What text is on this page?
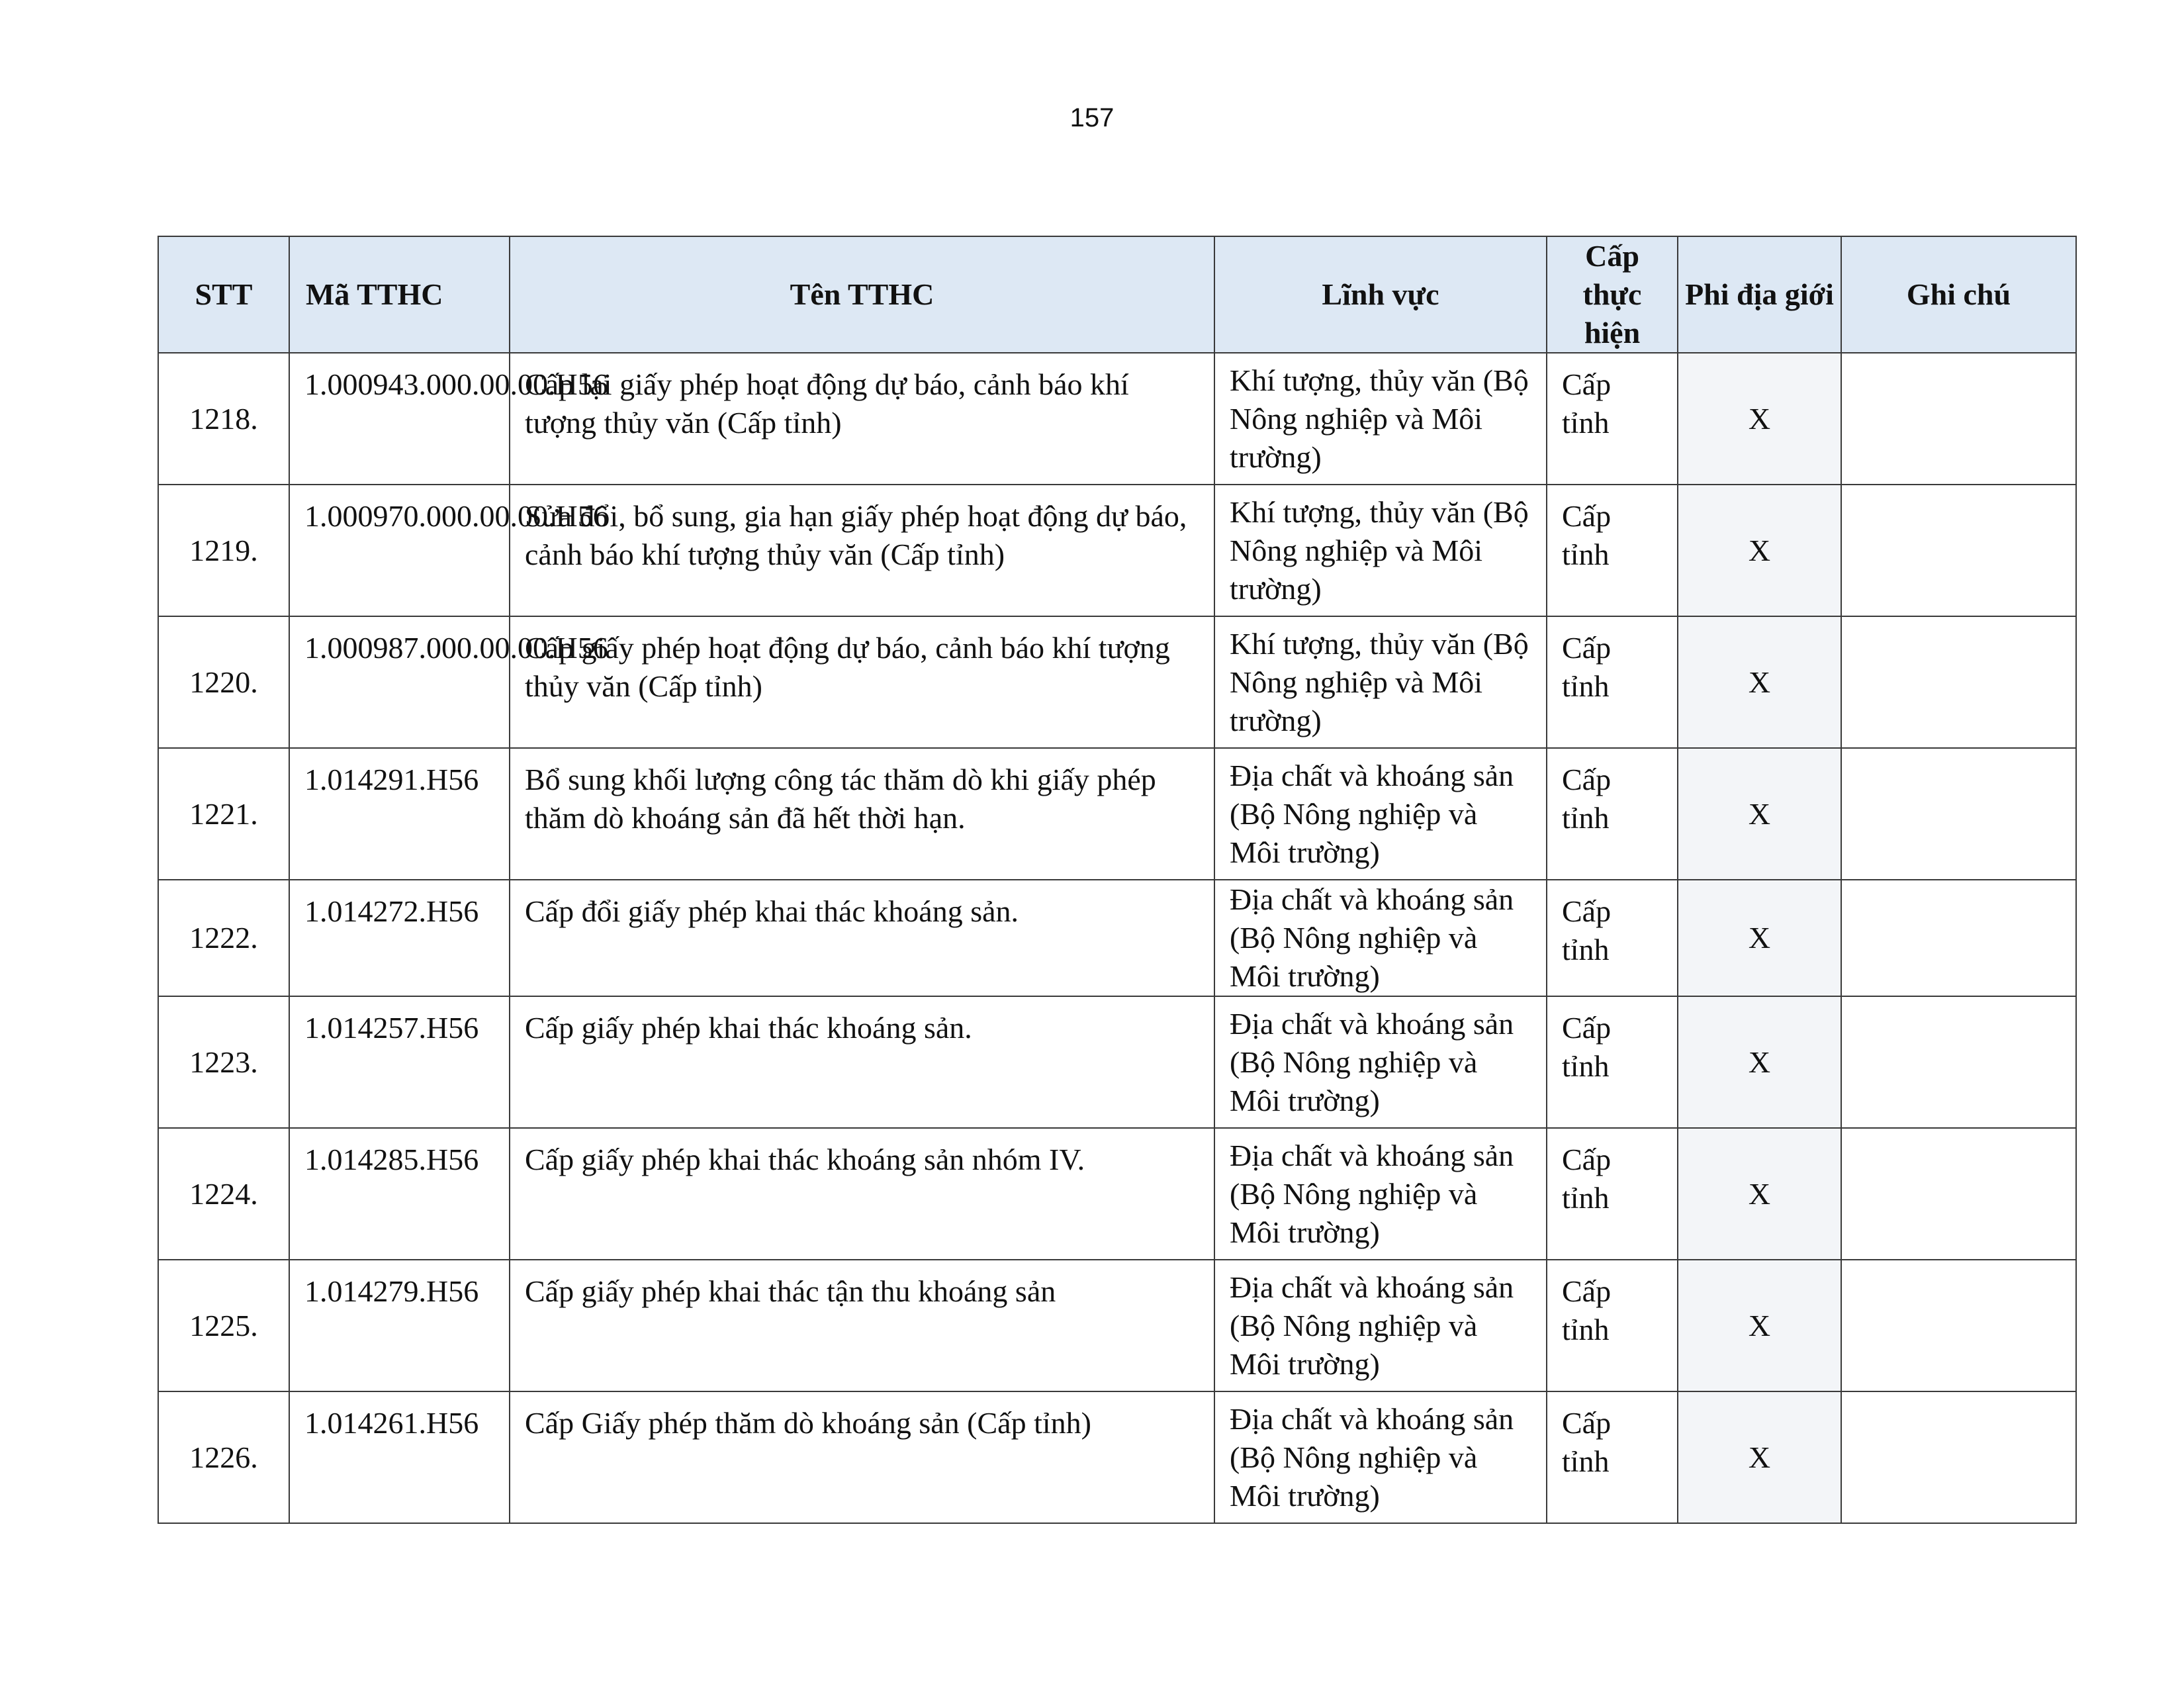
157
STT	Mã TTHC	Tên TTHC	Lĩnh vực	Cấp thực hiện	Phi địa giới	Ghi chú
1218.	1.000943.000.00.00.H56	Cấp lại giấy phép hoạt động dự báo, cảnh báo khí tượng thủy văn (Cấp tỉnh)	Khí tượng, thủy văn (Bộ Nông nghiệp và Môi trường)	Cấp tỉnh	X	
1219.	1.000970.000.00.00.H56	Sửa đổi, bổ sung, gia hạn giấy phép hoạt động dự báo, cảnh báo khí tượng thủy văn (Cấp tỉnh)	Khí tượng, thủy văn (Bộ Nông nghiệp và Môi trường)	Cấp tỉnh	X	
1220.	1.000987.000.00.00.H56	Cấp giấy phép hoạt động dự báo, cảnh báo khí tượng thủy văn (Cấp tỉnh)	Khí tượng, thủy văn (Bộ Nông nghiệp và Môi trường)	Cấp tỉnh	X	
1221.	1.014291.H56	Bổ sung khối lượng công tác thăm dò khi giấy phép thăm dò khoáng sản đã hết thời hạn.	Địa chất và khoáng sản (Bộ Nông nghiệp và Môi trường)	Cấp tỉnh	X	
1222.	1.014272.H56	Cấp đổi giấy phép khai thác khoáng sản.	Địa chất và khoáng sản (Bộ Nông nghiệp và Môi trường)	Cấp tỉnh	X	
1223.	1.014257.H56	Cấp giấy phép khai thác khoáng sản.	Địa chất và khoáng sản (Bộ Nông nghiệp và Môi trường)	Cấp tỉnh	X	
1224.	1.014285.H56	Cấp giấy phép khai thác khoáng sản nhóm IV.	Địa chất và khoáng sản (Bộ Nông nghiệp và Môi trường)	Cấp tỉnh	X	
1225.	1.014279.H56	Cấp giấy phép khai thác tận thu khoáng sản	Địa chất và khoáng sản (Bộ Nông nghiệp và Môi trường)	Cấp tỉnh	X	
1226.	1.014261.H56	Cấp Giấy phép thăm dò khoáng sản (Cấp tỉnh)	Địa chất và khoáng sản (Bộ Nông nghiệp và Môi trường)	Cấp tỉnh	X	
